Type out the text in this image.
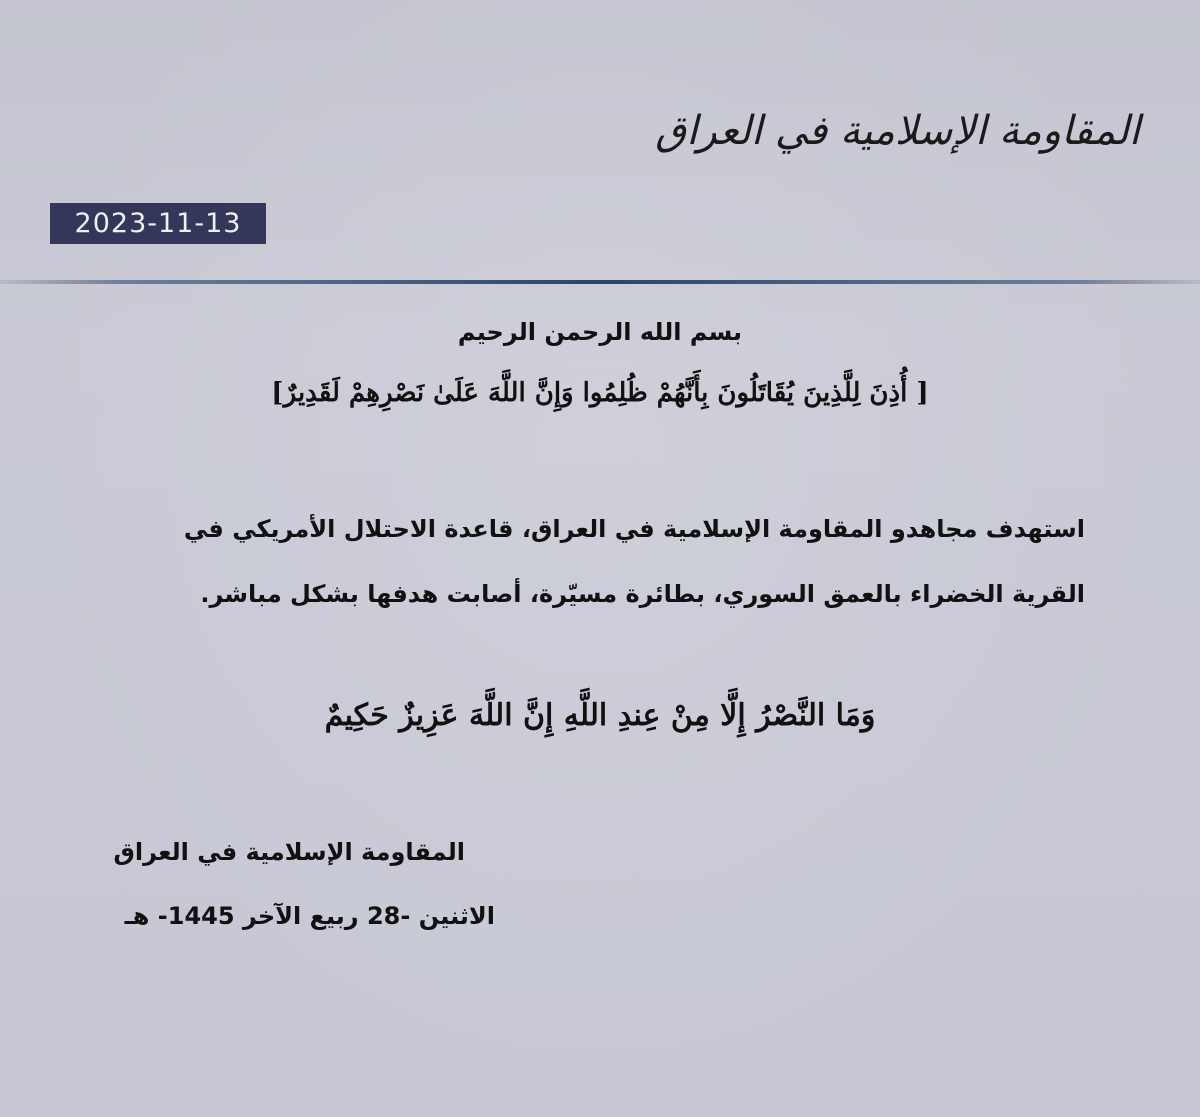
المقاومة الإسلامية في العراق
2023-11-13
بسم الله الرحمن الرحيم
[ أُذِنَ لِلَّذِينَ يُقَاتَلُونَ بِأَنَّهُمْ ظُلِمُوا وَإِنَّ اللَّهَ عَلَىٰ نَصْرِهِمْ لَقَدِيرٌ]
استهدف مجاهدو المقاومة الإسلامية في العراق، قاعدة الاحتلال الأمريكي في
القرية الخضراء بالعمق السوري، بطائرة مسيّرة، أصابت هدفها بشكل مباشر.
وَمَا النَّصْرُ إِلَّا مِنْ عِندِ اللَّهِ إِنَّ اللَّهَ عَزِيزٌ حَكِيمٌ
المقاومة الإسلامية في العراق
الاثنين -28 ربيع الآخر 1445- هـ
